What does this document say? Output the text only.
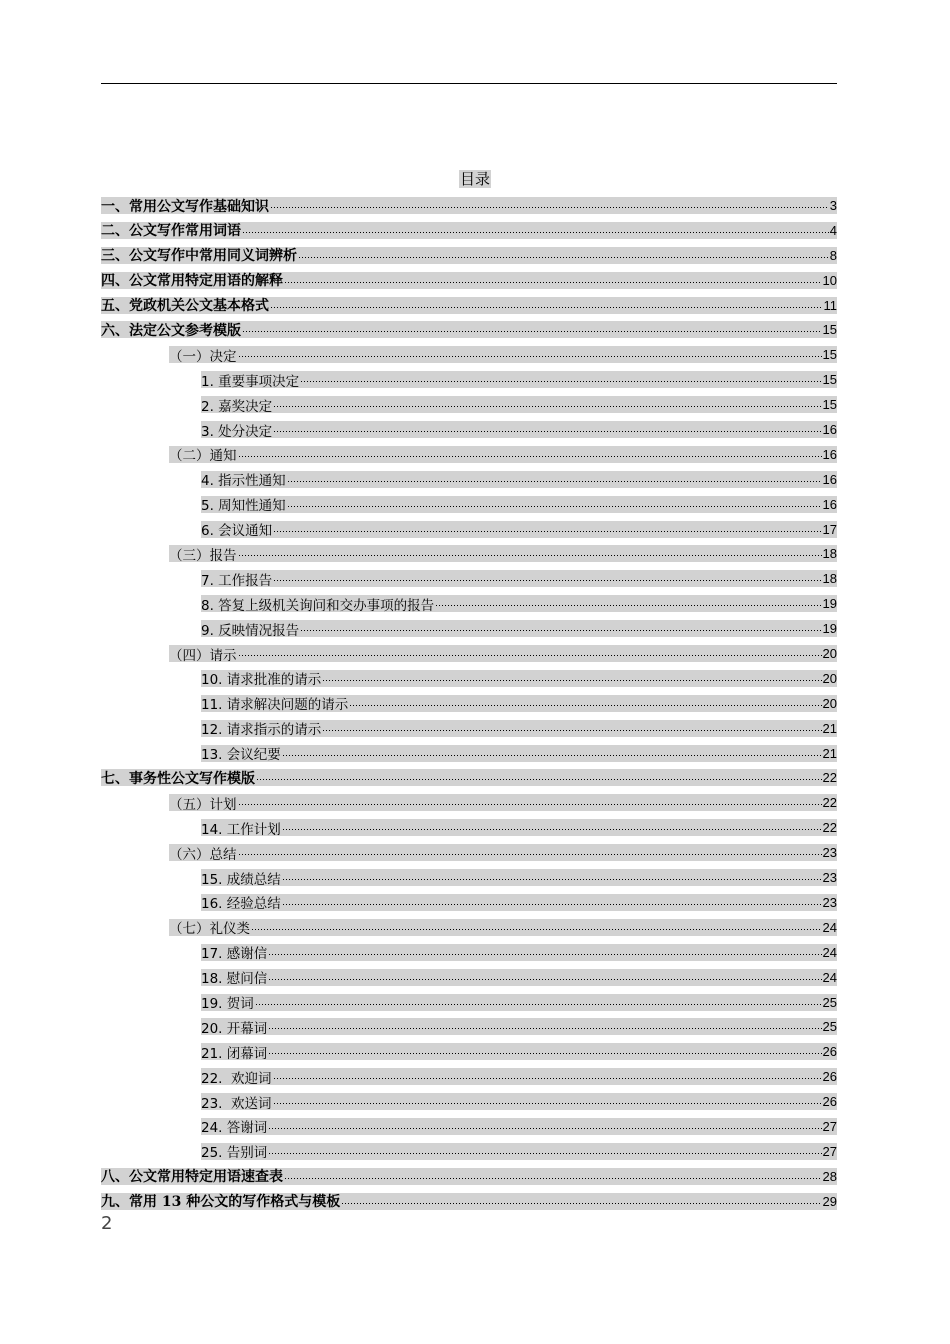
目录
一、常用公文写作基础知识	3
二、公文写作常用词语	4
三、公文写作中常用同义词辨析	8
四、公文常用特定用语的解释	10
五、党政机关公文基本格式	11
六、法定公文参考模版	15
（一）决定	15
1. 重要事项决定	15
2. 嘉奖决定	15
3. 处分决定	16
（二）通知	16
4. 指示性通知	16
5. 周知性通知	16
6. 会议通知	17
（三）报告	18
7. 工作报告	18
8. 答复上级机关询问和交办事项的报告	19
9. 反映情况报告	19
（四）请示	20
10. 请求批准的请示	20
11. 请求解决问题的请示	20
12. 请求指示的请示	21
13. 会议纪要	21
七、事务性公文写作模版	22
（五）计划	22
14. 工作计划	22
（六）总结	23
15. 成绩总结	23
16. 经验总结	23
（七）礼仪类	24
17. 感谢信	24
18. 慰问信	24
19. 贺词	25
20. 开幕词	25
21. 闭幕词	26
22.  欢迎词	26
23.  欢送词	26
24. 答谢词	27
25. 告别词	27
八、公文常用特定用语速查表	28
九、常用 13 种公文的写作格式与模板	29
2
